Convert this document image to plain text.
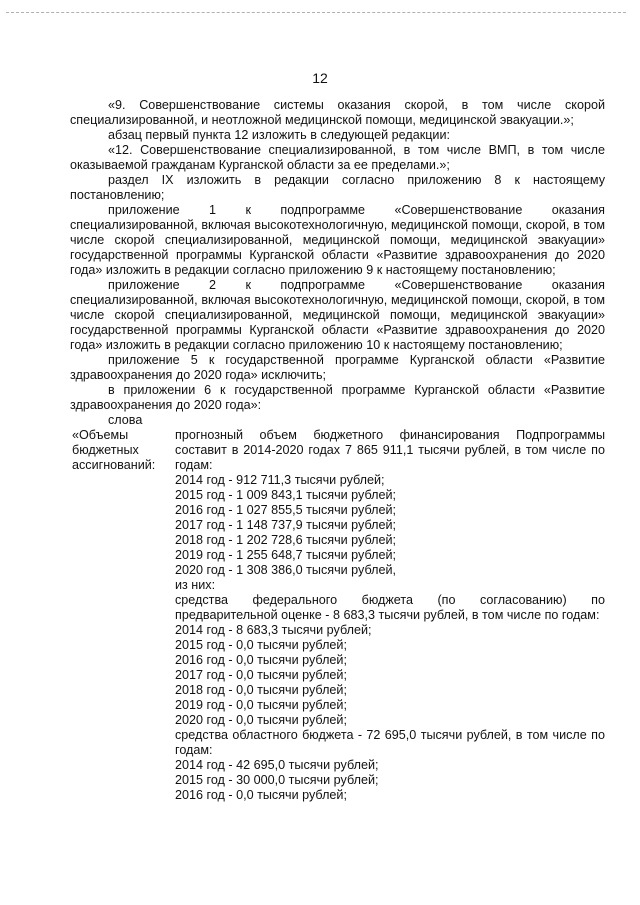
12

«9. Совершенствование системы оказания скорой, в том числе скорой специализированной, и неотложной медицинской помощи, медицинской эвакуации.»;

абзац первый пункта 12 изложить в следующей редакции:

«12. Совершенствование специализированной, в том числе ВМП, в том числе оказываемой гражданам Курганской области за ее пределами.»;

раздел IX изложить в редакции согласно приложению 8 к настоящему постановлению;

приложение 1 к подпрограмме «Совершенствование оказания специализированной, включая высокотехнологичную, медицинской помощи, скорой, в том числе скорой специализированной, медицинской помощи, медицинской эвакуации» государственной программы Курганской области «Развитие здравоохранения до 2020 года» изложить в редакции согласно приложению 9 к настоящему постановлению;

приложение 2 к подпрограмме «Совершенствование оказания специализированной, включая высокотехнологичную, медицинской помощи, скорой, в том числе скорой специализированной, медицинской помощи, медицинской эвакуации» государственной программы Курганской области «Развитие здравоохранения до 2020 года» изложить в редакции согласно приложению 10 к настоящему постановлению;

приложение 5 к государственной программе Курганской области «Развитие здравоохранения до 2020 года» исключить;

в приложении 6 к государственной программе Курганской области «Развитие здравоохранения до 2020 года»:

слова

«Объемы бюджетных ассигнований:

прогнозный объем бюджетного финансирования Подпрограммы составит в 2014-2020 годах 7 865 911,1 тысячи рублей, в том числе по годам:

2014 год - 912 711,3 тысячи рублей;

2015 год - 1 009 843,1 тысячи рублей;

2016 год - 1 027 855,5 тысячи рублей;

2017 год - 1 148 737,9 тысячи рублей;

2018 год - 1 202 728,6 тысячи рублей;

2019 год - 1 255 648,7 тысячи рублей;

2020 год - 1 308 386,0 тысячи рублей,

из них:

средства федерального бюджета (по согласованию) по предварительной оценке - 8 683,3 тысячи рублей, в том числе по годам:

2014 год - 8 683,3 тысячи рублей;

2015 год - 0,0 тысячи рублей;

2016 год - 0,0 тысячи рублей;

2017 год - 0,0 тысячи рублей;

2018 год - 0,0 тысячи рублей;

2019 год - 0,0 тысячи рублей;

2020 год - 0,0 тысячи рублей;

средства областного бюджета - 72 695,0 тысячи рублей, в том числе по годам:

2014 год - 42 695,0 тысячи рублей;

2015 год - 30 000,0 тысячи рублей;

2016 год - 0,0 тысячи рублей;
